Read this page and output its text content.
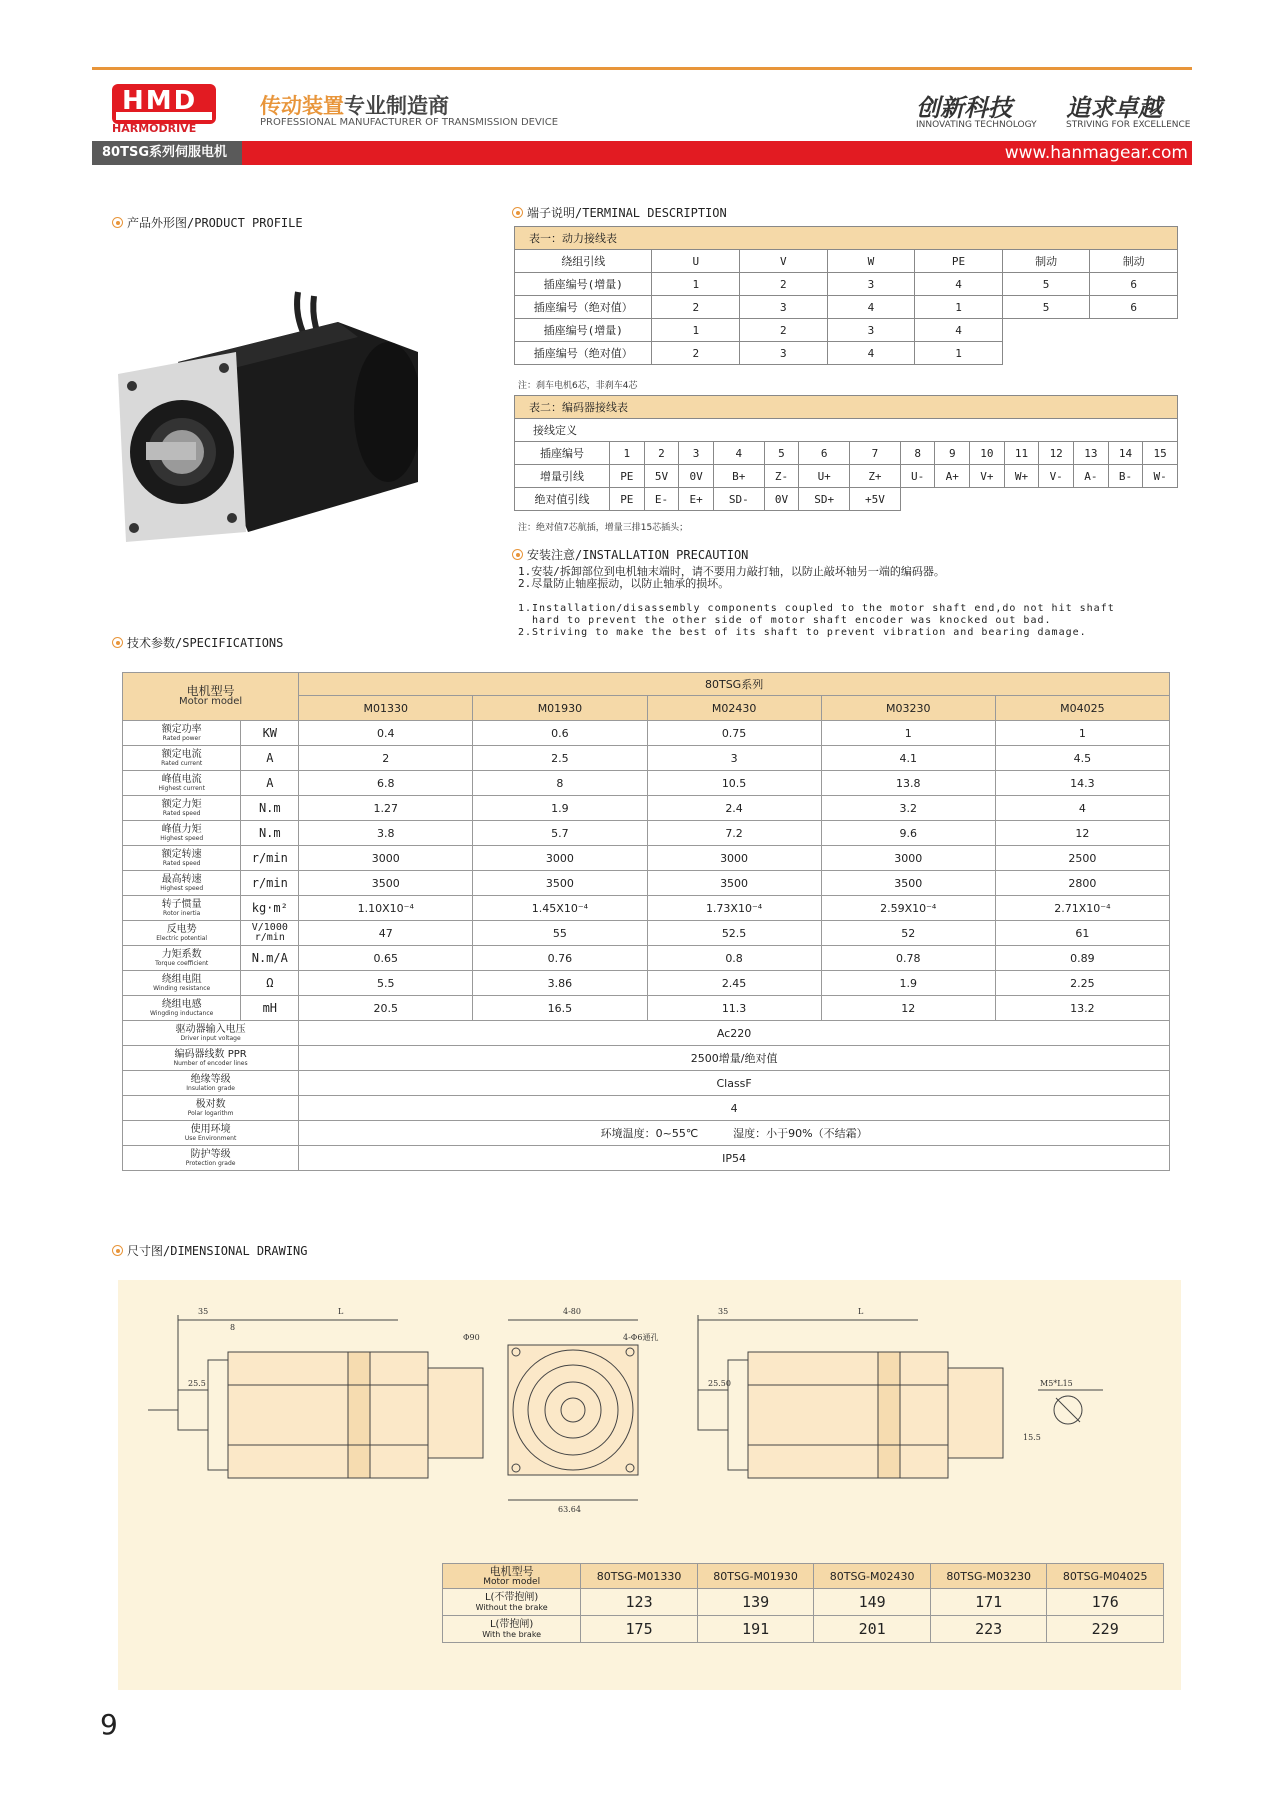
HMD
HARMODRIVE
传动装置专业制造商
PROFESSIONAL MANUFACTURER OF TRANSMISSION DEVICE
创新科技
INNOVATING TECHNOLOGY
追求卓越
STRIVING FOR EXCELLENCE
80TSG系列伺服电机	www.hanmagear.com
产品外形图/PRODUCT PROFILE
端子说明/TERMINAL DESCRIPTION
表一：动力接线表						
绕组引线	U	V	W	PE	制动	制动
插座编号(增量)	1	2	3	4	5	6
插座编号（绝对值）	2	3	4	1	5	6
插座编号(增量)	1	2	3	4		
插座编号（绝对值）	2	3	4	1		
注：刹车电机6芯，非刹车4芯
表二：编码器接线表															
接线定义															
插座编号	1	2	3	4	5	6	7	8	9	10	11	12	13	14	15
增量引线	PE	5V	0V	B+	Z-	U+	Z+	U-	A+	V+	W+	V-	A-	B-	W-
绝对值引线	PE	E-	E+	SD-	0V	SD+	+5V								
注：绝对值7芯航插，增量三排15芯插头；
安装注意/INSTALLATION PRECAUTION
1.安装/拆卸部位到电机轴末端时，请不要用力敲打轴，以防止敲坏轴另一端的编码器。
2.尽量防止轴座振动，以防止轴承的损坏。
1.Installation/disassembly components coupled to the motor shaft end,do not hit shaft
hard to prevent the other side of motor shaft encoder was knocked out bad.
2.Striving to make the best of its shaft to prevent vibration and bearing damage.
技术参数/SPECIFICATIONS
电机型号
Motor model		80TSG系列				
		M01330	M01930	M02430	M03230	M04025

额定功率
Rated power	KW	0.4	0.6	0.75	1	1

额定电流
Rated current	A	2	2.5	3	4.1	4.5

峰值电流
Highest current	A	6.8	8	10.5	13.8	14.3

额定力矩
Rated speed	N.m	1.27	1.9	2.4	3.2	4

峰值力矩
Highest speed	N.m	3.8	5.7	7.2	9.6	12

额定转速
Rated speed	r/min	3000	3000	3000	3000	2500

最高转速
Highest speed	r/min	3500	3500	3500	3500	2800

转子惯量
Rotor inertia	kg·m²	1.10X10⁻⁴	1.45X10⁻⁴	1.73X10⁻⁴	2.59X10⁻⁴	2.71X10⁻⁴

反电势
Electric potential	V/1000 r/min	47	55	52.5	52	61

力矩系数
Torque coefficient	N.m/A	0.65	0.76	0.8	0.78	0.89

绕组电阻
Winding resistance	Ω	5.5	3.86	2.45	1.9	2.25

绕组电感
Wingding inductance	mH	20.5	16.5	11.3	12	13.2

驱动器输入电压
Driver input voltage		Ac220				

编码器线数 PPR
Number of encoder lines		2500增量/绝对值				

绝缘等级
Insulation grade		ClassF				

极对数
Polar logarithm		4				

使用环境
Use Environment		环境温度：0~55℃          湿度：小于90%（不结霜）				

防护等级
Protection grade		IP54				
尺寸图/DIMENSIONAL DRAWING
35	L
8
25.5
4-80
Φ90	4-Φ6通孔
63.64
35	L
25.50	M5*L15
15.5
电机型号
Motor model	80TSG-M01330	80TSG-M01930	80TSG-M02430	80TSG-M03230	80TSG-M04025

L(不带抱闸)
Without the brake	123	139	149	171	176

L(带抱闸)
With the brake	175	191	201	223	229
9
